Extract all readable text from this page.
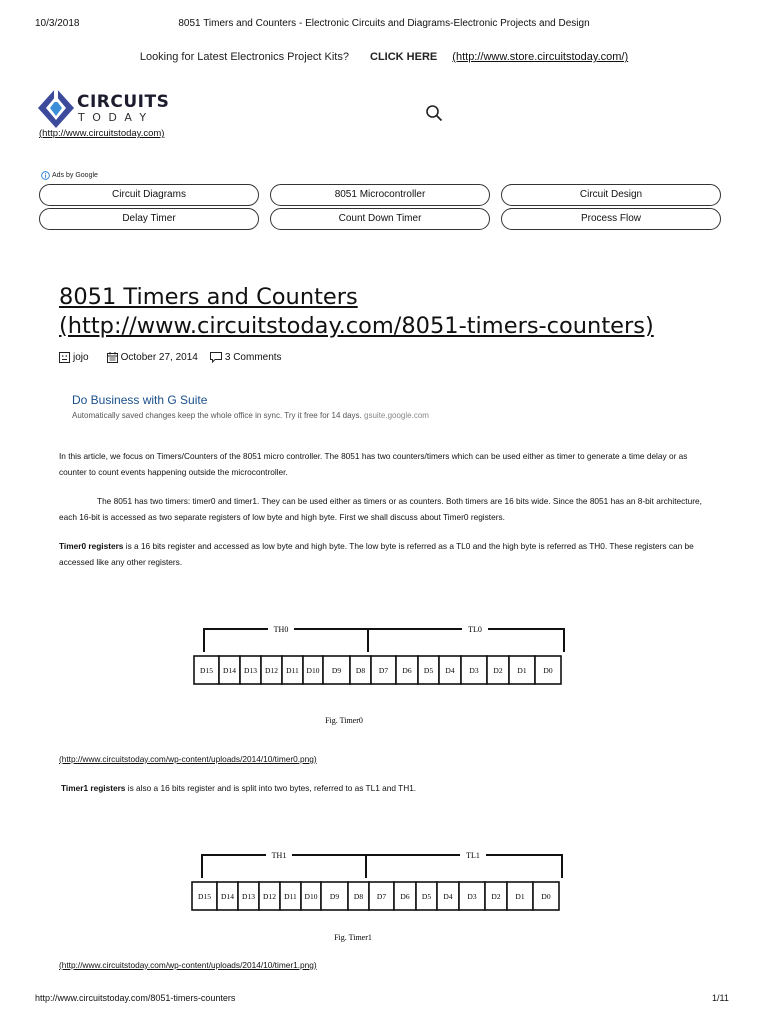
10/3/2018	8051 Timers and Counters - Electronic Circuits and Diagrams-Electronic Projects and Design
Looking for Latest Electronics Project Kits? CLICK HERE (http://www.store.circuitstoday.com/)
CIRCUITS
T O D A Y
(http://www.circuitstoday.com)
Ads by Google
Circuit Diagrams	8051 Microcontroller	Circuit Design
Delay Timer	Count Down Timer	Process Flow
8051 Timers and Counters
(http://www.circuitstoday.com/8051-timers-counters)
jojo	October 27, 2014	3 Comments
Do Business with G Suite
Automatically saved changes keep the whole office in sync. Try it free for 14 days. gsuite.google.com
In this article, we focus on Timers/Counters of the 8051 micro controller. The 8051 has two counters/timers which can be used either as timer to generate a time delay or as counter to count events happening outside the microcontroller.
The 8051 has two timers: timer0 and timer1. They can be used either as timers or as counters. Both timers are 16 bits wide. Since the 8051 has an 8-bit architecture, each 16-bit is accessed as two separate registers of low byte and high byte. First we shall discuss about Timer0 registers.
Timer0 registers is a 16 bits register and accessed as low byte and high byte. The low byte is referred as a TL0 and the high byte is referred as TH0. These registers can be accessed like any other registers.
TH0	TL0
D15 D14 D13 D12 D11 D10 D9 D8 D7 D6 D5 D4 D3 D2 D1 D0
Fig. Timer0
(http://www.circuitstoday.com/wp-content/uploads/2014/10/timer0.png)
Timer1 registers is also a 16 bits register and is split into two bytes, referred to as TL1 and TH1.
TH1	TL1
D15 D14 D13 D12 D11 D10 D9 D8 D7 D6 D5 D4 D3 D2 D1 D0
Fig. Timer1
(http://www.circuitstoday.com/wp-content/uploads/2014/10/timer1.png)
http://www.circuitstoday.com/8051-timers-counters	1/11
